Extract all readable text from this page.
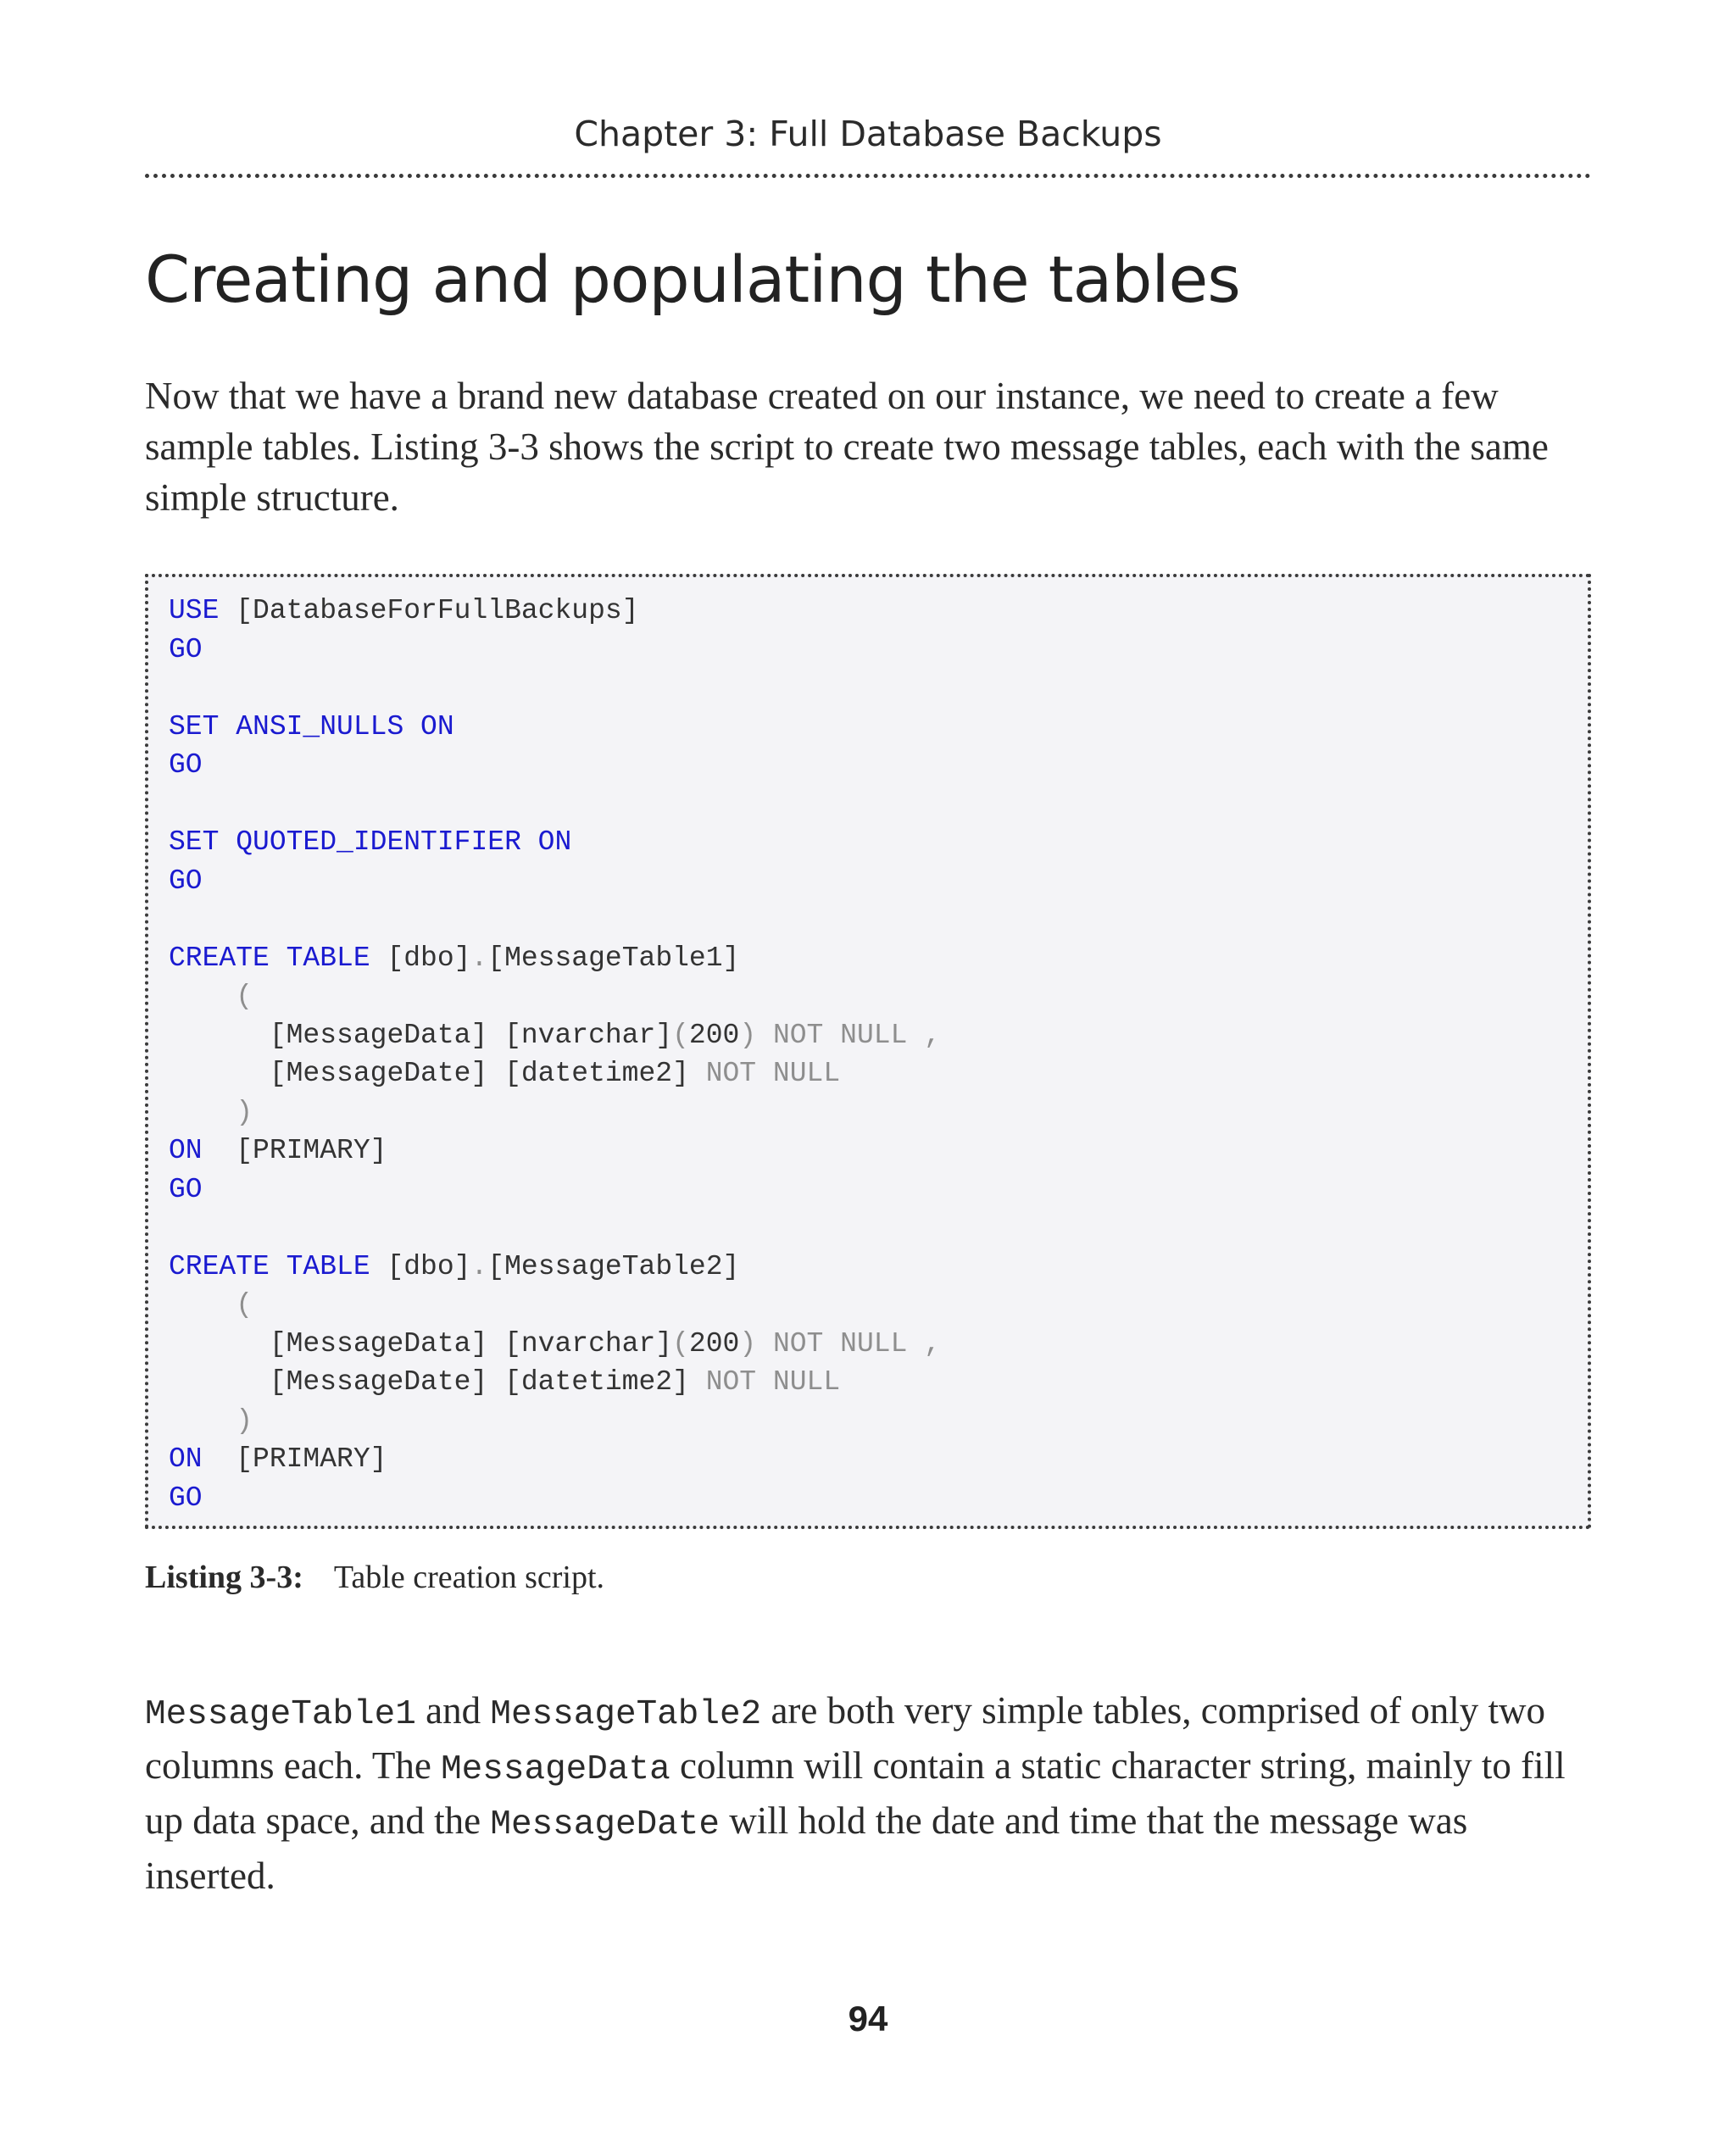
Chapter 3: Full Database Backups
Creating and populating the tables

Now that we have a brand new database created on our instance, we need to create a few sample tables. Listing 3-3 shows the script to create two message tables, each with the same simple structure.

USE [DatabaseForFullBackups]
GO
SET ANSI_NULLS ON
GO
SET QUOTED_IDENTIFIER ON
GO
CREATE TABLE [dbo].[MessageTable1]
(
[MessageData] [nvarchar](200) NOT NULL ,
[MessageDate] [datetime2] NOT NULL
)
ON  [PRIMARY]
GO
CREATE TABLE [dbo].[MessageTable2]
(
[MessageData] [nvarchar](200) NOT NULL ,
[MessageDate] [datetime2] NOT NULL
)
ON  [PRIMARY]
GO
Listing 3-3: Table creation script.

MessageTable1 and MessageTable2 are both very simple tables, comprised of only two columns each. The MessageData column will contain a static character string, mainly to fill up data space, and the MessageDate will hold the date and time that the message was inserted.

94
